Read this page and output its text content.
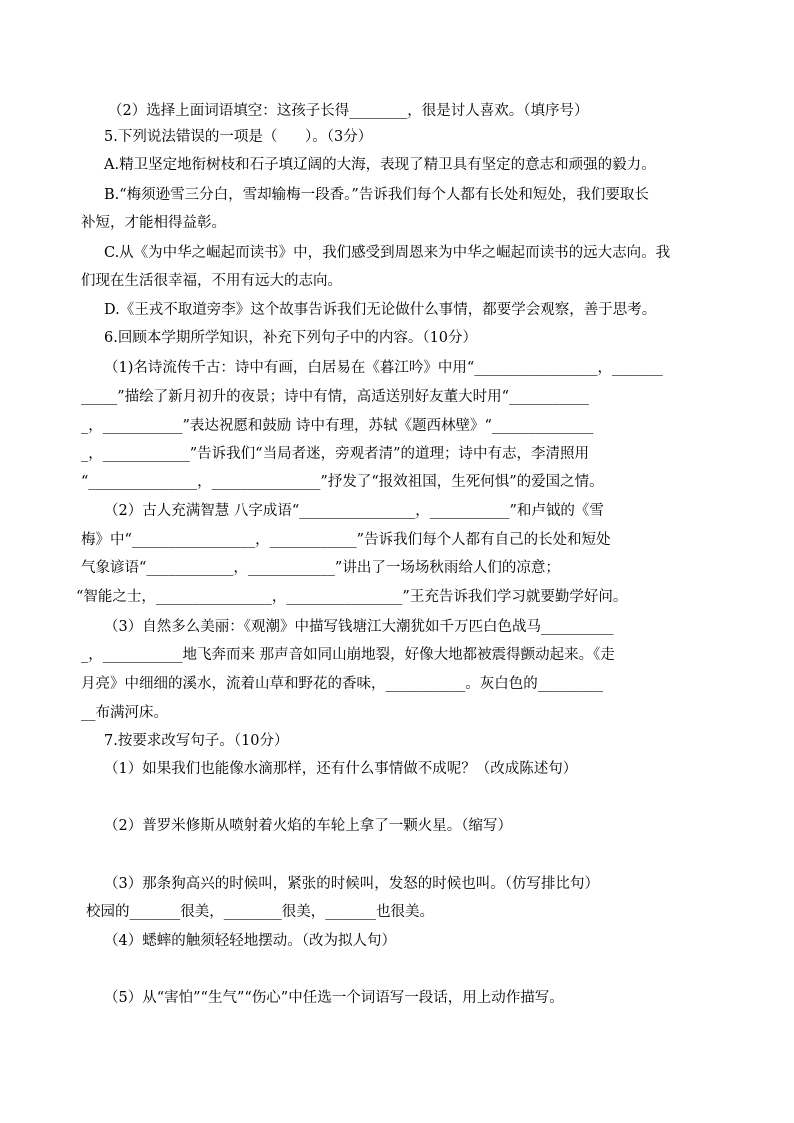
（2）选择上面词语填空：这孩子长得________，很是讨人喜欢。（填序号）
5.下列说法错误的一项是（      ）。（3分）
A.精卫坚定地衔树枝和石子填辽阔的大海，表现了精卫具有坚定的意志和顽强的毅力。
B.“梅须逊雪三分白，雪却输梅一段香。”告诉我们每个人都有长处和短处，我们要取长
补短，才能相得益彰。
C.从《为中华之崛起而读书》中，我们感受到周恩来为中华之崛起而读书的远大志向。我
们现在生活很幸福，不用有远大的志向。
D.《王戎不取道旁李》这个故事告诉我们无论做什么事情，都要学会观察，善于思考。
6.回顾本学期所学知识，补充下列句子中的内容。（10分）
（1)名诗流传千古：诗中有画，白居易在《暮江吟》中用“_________________，_______
_____”描绘了新月初升的夜景；诗中有情，高适送别好友董大时用“___________
_，___________”表达祝愿和鼓励 诗中有理，苏轼《题西林壁》“______________
_，____________”告诉我们“当局者迷，旁观者清”的道理；诗中有志，李清照用
“_______________，_______________”抒发了“报效祖国，生死何惧”的爱国之情。
（2）古人充满智慧 八字成语“________________，___________”和卢钺的《雪
梅》中“_________________，____________”告诉我们每个人都有自己的长处和短处
气象谚语“____________，____________”讲出了一场场秋雨给人们的凉意；
“智能之士，________________，________________”王充告诉我们学习就要勤学好问。
（3）自然多么美丽：《观潮》中描写钱塘江大潮犹如千万匹白色战马__________
_，___________地飞奔而来 那声音如同山崩地裂，好像大地都被震得颤动起来。《走
月亮》中细细的溪水，流着山草和野花的香味，___________。灰白色的_________
__布满河床。
7.按要求改写句子。（10分）
（1）如果我们也能像水滴那样，还有什么事情做不成呢？（改成陈述句）
（2）普罗米修斯从喷射着火焰的车轮上拿了一颗火星。（缩写）
（3）那条狗高兴的时候叫，紧张的时候叫，发怒的时候也叫。（仿写排比句）
校园的_______很美，________很美，_______也很美。
（4）蟋蟀的触须轻轻地摆动。（改为拟人句）
（5）从“害怕”“生气”“伤心”中任选一个词语写一段话，用上动作描写。
